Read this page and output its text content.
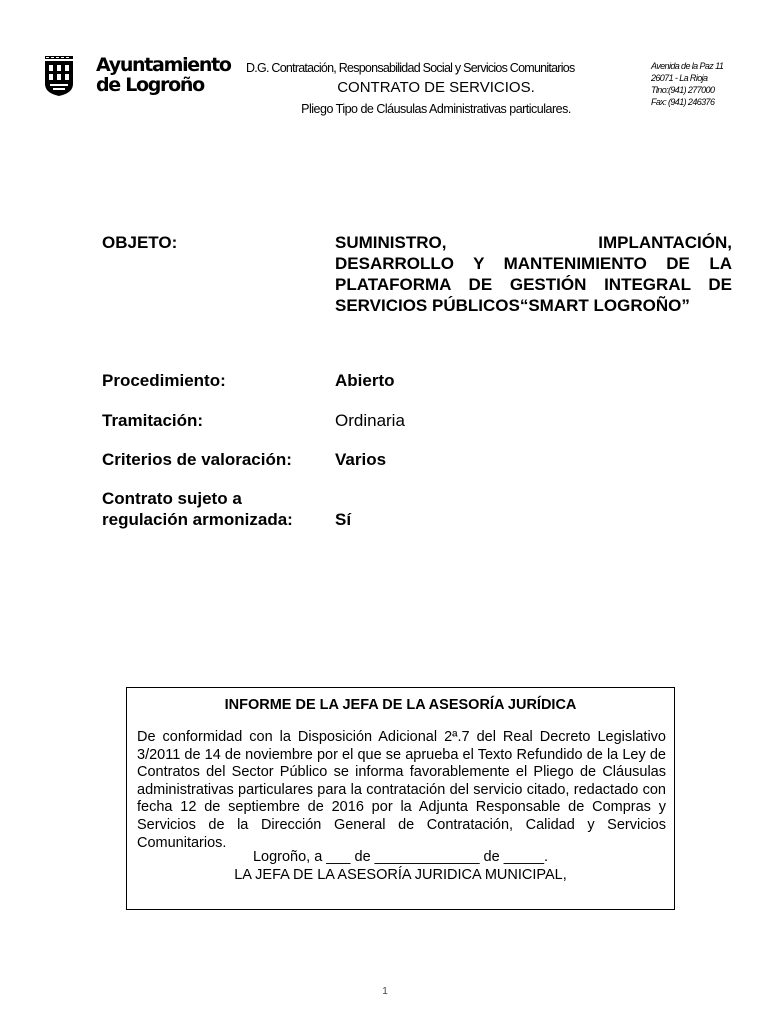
Ayuntamiento
de Logroño
D.G. Contratación, Responsabilidad Social y Servicios Comunitarios
CONTRATO DE SERVICIOS.
Pliego Tipo de Cláusulas Administrativas particulares.
Avenida de la Paz 11
26071 - La Rioja
Tlno:(941) 277000
Fax: (941) 246376
OBJETO:	SUMINISTRO, IMPLANTACIÓN,
DESARROLLO Y MANTENIMIENTO DE LA PLATAFORMA DE GESTIÓN INTEGRAL DE SERVICIOS PÚBLICOS“SMART LOGROÑO”
Procedimiento:	Abierto
Tramitación:	Ordinaria
Criterios de valoración:	Varios
Contrato sujeto a
regulación armonizada: Sí
INFORME DE LA JEFA DE LA ASESORÍA JURÍDICA
De conformidad con la Disposición Adicional 2ª.7 del Real Decreto Legislativo 3/2011 de 14 de noviembre por el que se aprueba el Texto Refundido de la Ley de Contratos del Sector Público se informa favorablemente el Pliego de Cláusulas administrativas particulares para la contratación del servicio citado, redactado con fecha 12 de septiembre de 2016 por la Adjunta Responsable de Compras y Servicios de la Dirección General de Contratación, Calidad y Servicios Comunitarios.
Logroño, a ___ de _____________ de _____.
LA JEFA DE LA ASESORÍA JURIDICA MUNICIPAL,
1
